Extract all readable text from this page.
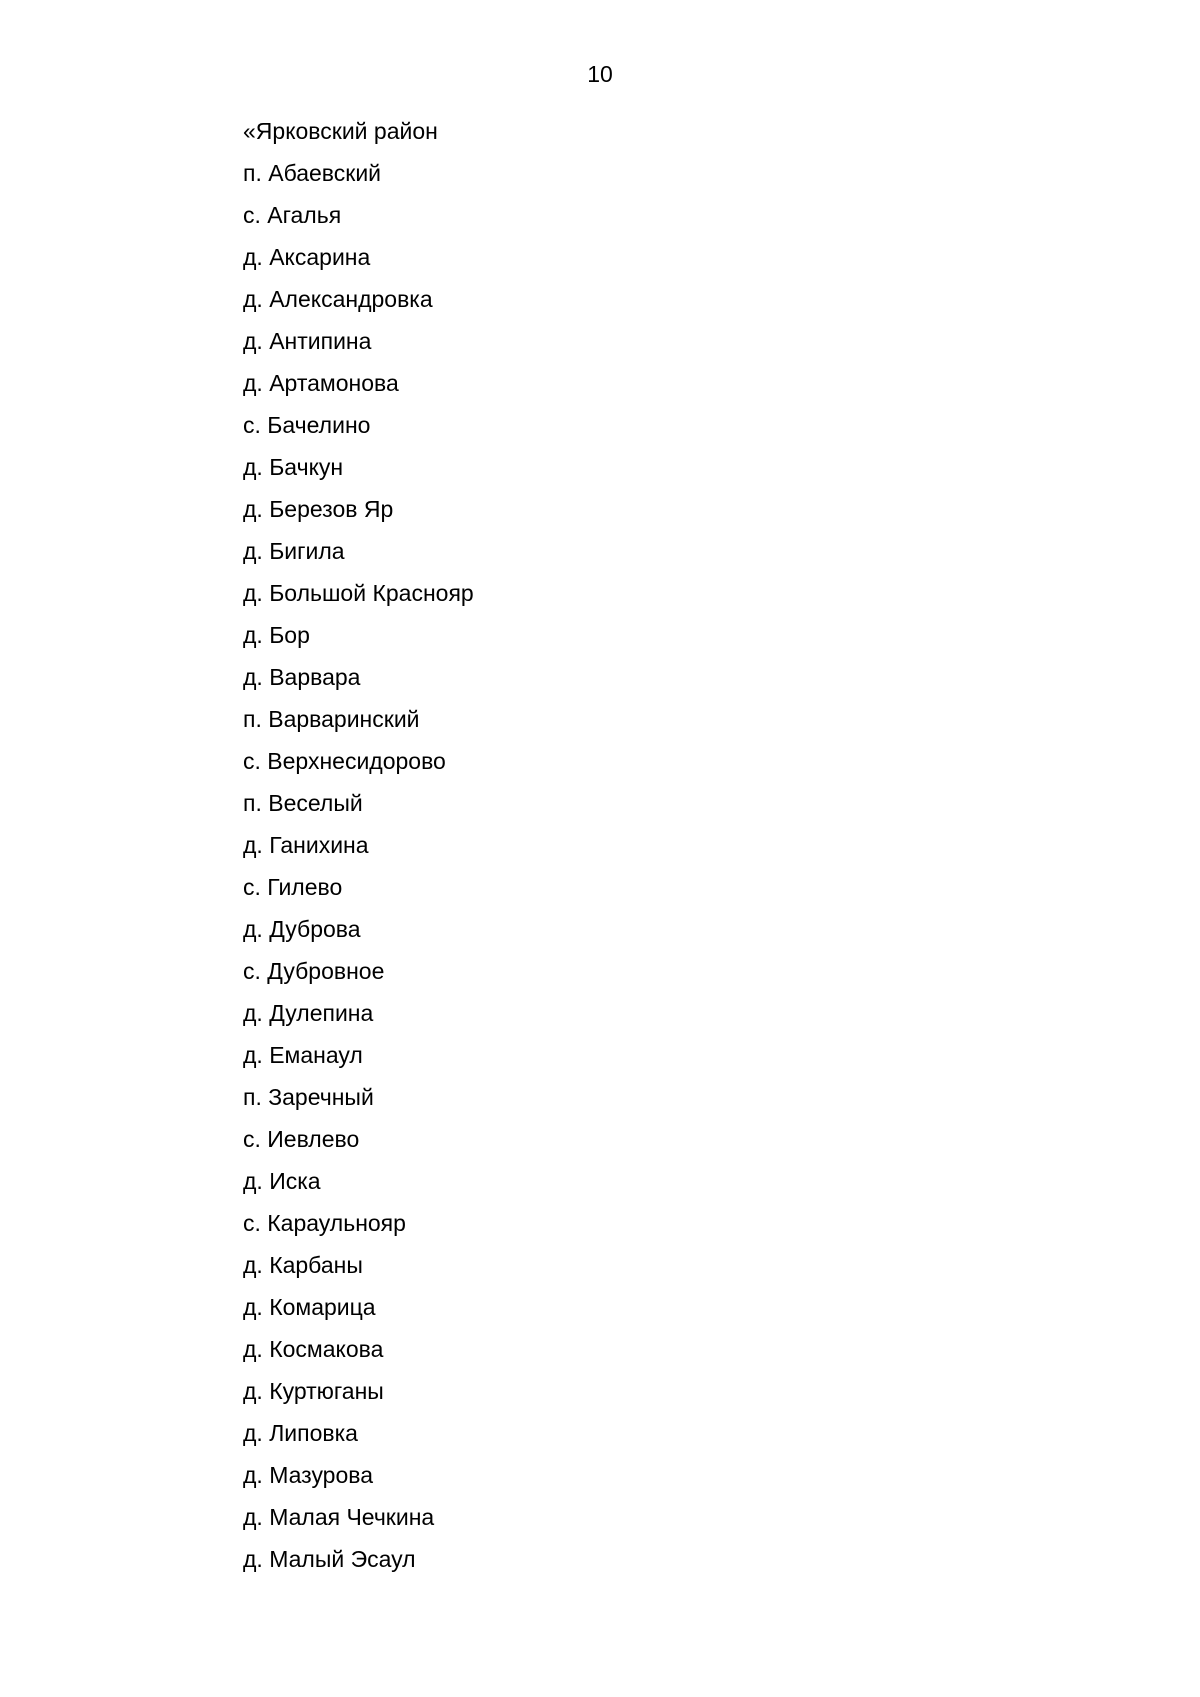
10
«Ярковский район
п. Абаевский
с. Агалья
д. Аксарина
д. Александровка
д. Антипина
д. Артамонова
с. Бачелино
д. Бачкун
д. Березов Яр
д. Бигила
д. Большой Краснояр
д. Бор
д. Варвара
п. Варваринский
с. Верхнесидорово
п. Веселый
д. Ганихина
с. Гилево
д. Дуброва
с. Дубровное
д. Дулепина
д. Еманаул
п. Заречный
с. Иевлево
д. Иска
с. Караульнояр
д. Карбаны
д. Комарица
д. Космакова
д. Куртюганы
д. Липовка
д. Мазурова
д. Малая Чечкина
д. Малый Эсаул
